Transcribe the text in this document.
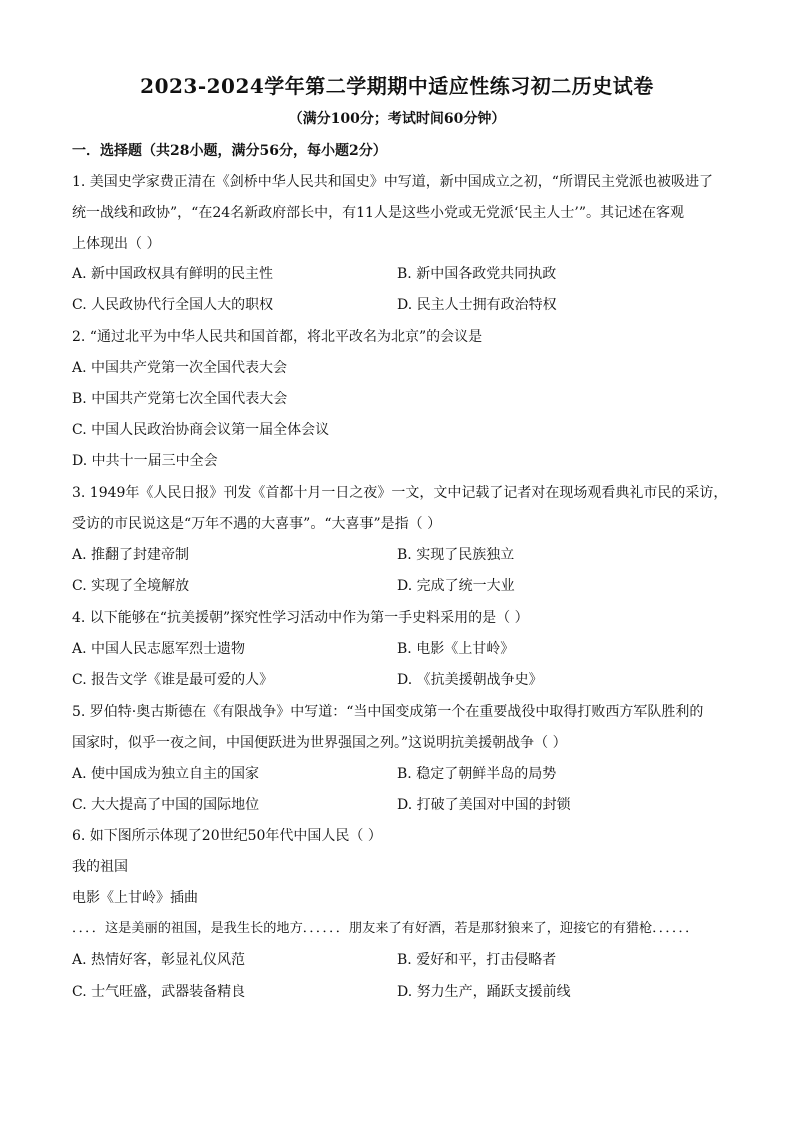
2023-2024学年第二学期期中适应性练习初二历史试卷
（满分100分；考试时间60分钟）
一．选择题（共28小题，满分56分，每小题2分）
1. 美国史学家费正清在《剑桥中华人民共和国史》中写道，新中国成立之初，“所谓民主党派也被吸进了
统一战线和政协”，“在24名新政府部长中，有11人是这些小党或无党派‘民主人士’”。其记述在客观
上体现出（ ）
A. 新中国政权具有鲜明的民主性	B. 新中国各政党共同执政
C. 人民政协代行全国人大的职权	D. 民主人士拥有政治特权
2. “通过北平为中华人民共和国首都，将北平改名为北京”的会议是
A. 中国共产党第一次全国代表大会
B. 中国共产党第七次全国代表大会
C. 中国人民政治协商会议第一届全体会议
D. 中共十一届三中全会
3. 1949年《人民日报》刊发《首都十月一日之夜》一文，文中记载了记者对在现场观看典礼市民的采访，
受访的市民说这是“万年不遇的大喜事”。“大喜事”是指（ ）
A. 推翻了封建帝制	B. 实现了民族独立
C. 实现了全境解放	D. 完成了统一大业
4. 以下能够在“抗美援朝”探究性学习活动中作为第一手史料采用的是（ ）
A. 中国人民志愿军烈士遗物	B. 电影《上甘岭》
C. 报告文学《谁是最可爱的人》	D. 《抗美援朝战争史》
5. 罗伯特·奥古斯德在《有限战争》中写道：“当中国变成第一个在重要战役中取得打败西方军队胜利的
国家时，似乎一夜之间，中国便跃进为世界强国之列。”这说明抗美援朝战争（ ）
A. 使中国成为独立自主的国家	B. 稳定了朝鲜半岛的局势
C. 大大提高了中国的国际地位	D. 打破了美国对中国的封锁
6. 如下图所示体现了20世纪50年代中国人民（ ）
我的祖国
电影《上甘岭》插曲
．．．．这是美丽的祖国，是我生长的地方．．．．．．朋友来了有好酒，若是那豺狼来了，迎接它的有猎枪．．．．．．
A. 热情好客，彰显礼仪风范	B. 爱好和平，打击侵略者
C. 士气旺盛，武器装备精良	D. 努力生产，踊跃支援前线
